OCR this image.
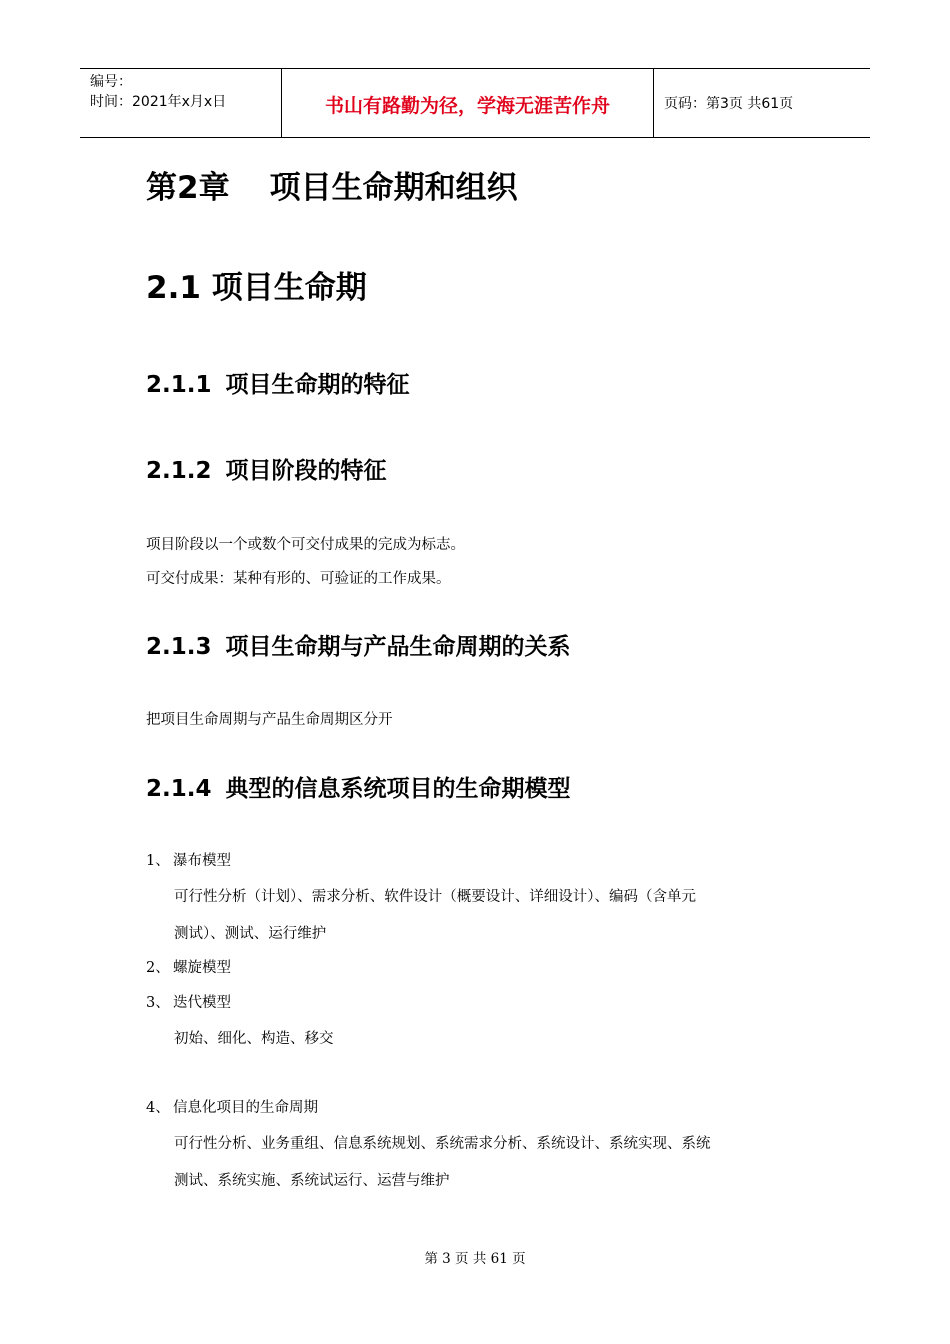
编号：
时间：2021年x月x日	书山有路勤为径，学海无涯苦作舟	页码：第3页 共61页
第2章 项目生命期和组织
2.1 项目生命期
2.1.1 项目生命期的特征
2.1.2 项目阶段的特征
项目阶段以一个或数个可交付成果的完成为标志。
可交付成果：某种有形的、可验证的工作成果。
2.1.3 项目生命期与产品生命周期的关系
把项目生命周期与产品生命周期区分开
2.1.4 典型的信息系统项目的生命期模型
1、 瀑布模型
可行性分析（计划）、需求分析、软件设计（概要设计、详细设计）、编码（含单元
测试）、测试、运行维护
2、 螺旋模型
3、 迭代模型
初始、细化、构造、移交
4、 信息化项目的生命周期
可行性分析、业务重组、信息系统规划、系统需求分析、系统设计、系统实现、系统
测试、系统实施、系统试运行、运营与维护
第 3 页 共 61 页
